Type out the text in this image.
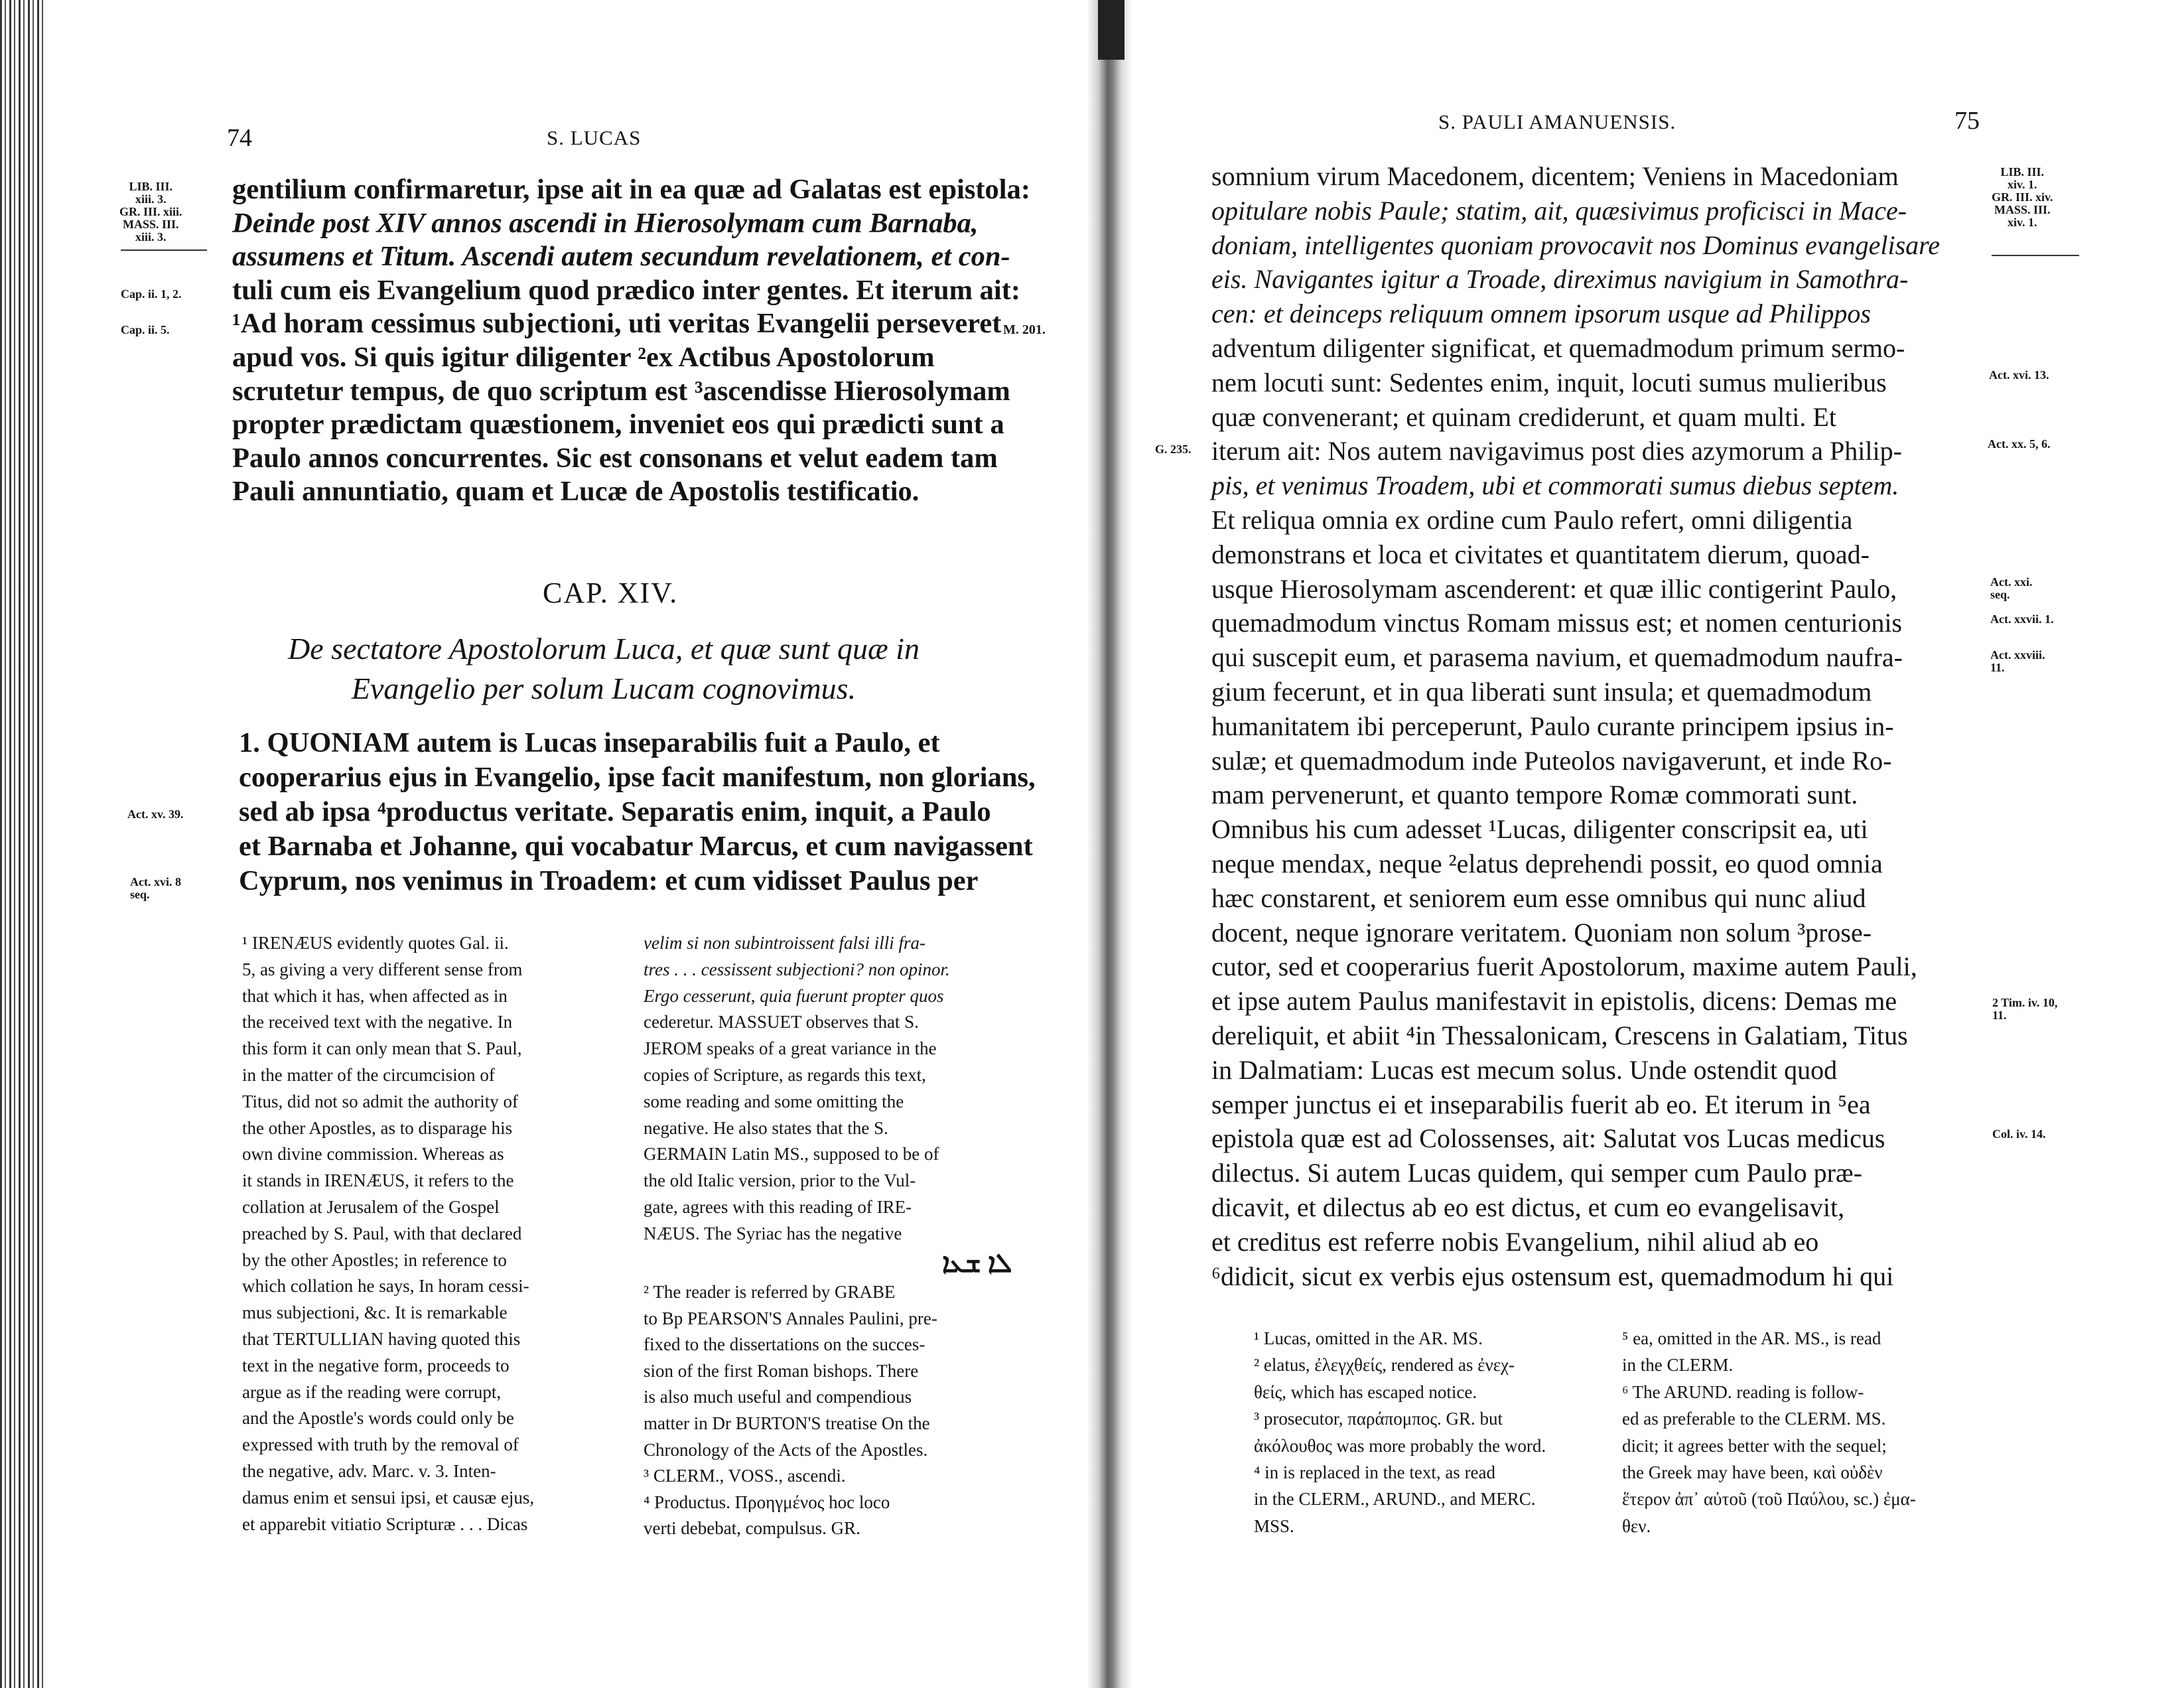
74	S. LUCAS
LIB. III.
xiii. 3.
GR. III. xiii.
MASS. III.
xiii. 3.
Cap. ii. 1, 2.
Cap. ii. 5.
Act. xv. 39.
Act. xvi. 8
seq.
M. 201.
gentilium confirmaretur, ipse ait in ea quæ ad Galatas est epistola:
Deinde post XIV annos ascendi in Hierosolymam cum Barnaba,
assumens et Titum. Ascendi autem secundum revelationem, et con-
tuli cum eis Evangelium quod prædico inter gentes. Et iterum ait:
¹Ad horam cessimus subjectioni, uti veritas Evangelii perseveret
apud vos. Si quis igitur diligenter ²ex Actibus Apostolorum
scrutetur tempus, de quo scriptum est ³ascendisse Hierosolymam
propter prædictam quæstionem, inveniet eos qui prædicti sunt a
Paulo annos concurrentes. Sic est consonans et velut eadem tam
Pauli annuntiatio, quam et Lucæ de Apostolis testificatio.
CAP. XIV.
De sectatore Apostolorum Luca, et quæ sunt quæ in
Evangelio per solum Lucam cognovimus.
1. QUONIAM autem is Lucas inseparabilis fuit a Paulo, et
cooperarius ejus in Evangelio, ipse facit manifestum, non glorians,
sed ab ipsa ⁴productus veritate. Separatis enim, inquit, a Paulo
et Barnaba et Johanne, qui vocabatur Marcus, et cum navigassent
Cyprum, nos venimus in Troadem: et cum vidisset Paulus per
¹ IRENÆUS evidently quotes Gal. ii.
5, as giving a very different sense from
that which it has, when affected as in
the received text with the negative. In
this form it can only mean that S. Paul,
in the matter of the circumcision of
Titus, did not so admit the authority of
the other Apostles, as to disparage his
own divine commission. Whereas as
it stands in IRENÆUS, it refers to the
collation at Jerusalem of the Gospel
preached by S. Paul, with that declared
by the other Apostles; in reference to
which collation he says, In horam cessi-
mus subjectioni, &c. It is remarkable
that TERTULLIAN having quoted this
text in the negative form, proceeds to
argue as if the reading were corrupt,
and the Apostle's words could only be
expressed with truth by the removal of
the negative, adv. Marc. v. 3. Inten-
damus enim et sensui ipsi, et causæ ejus,
et apparebit vitiatio Scripturæ . . . Dicas
velim si non subintroissent falsi illi fra-
tres . . . cessissent subjectioni? non opinor.
Ergo cesserunt, quia fuerunt propter quos
cederetur. MASSUET observes that S.
JEROM speaks of a great variance in the
copies of Scripture, as regards this text,
some reading and some omitting the
negative. He also states that the S.
GERMAIN Latin MS., supposed to be of
the old Italic version, prior to the Vul-
gate, agrees with this reading of IRE-
NÆUS. The Syriac has the negative
ܠܐ ܫܥܐ
² The reader is referred by GRABE
to Bp PEARSON'S Annales Paulini, pre-
fixed to the dissertations on the succes-
sion of the first Roman bishops. There
is also much useful and compendious
matter in Dr BURTON'S treatise On the
Chronology of the Acts of the Apostles.
³ CLERM., VOSS., ascendi.
⁴ Productus. Προηγμένος hoc loco
verti debebat, compulsus. GR.
S. PAULI AMANUENSIS.	75
G. 235.
LIB. III.
xiv. 1.
GR. III. xiv.
MASS. III.
xiv. 1.
Act. xvi. 13.
Act. xx. 5, 6.
Act. xxi.
seq.
Act. xxvii. 1.
Act. xxviii.
11.
2 Tim. iv. 10,
11.
Col. iv. 14.
somnium virum Macedonem, dicentem; Veniens in Macedoniam
opitulare nobis Paule; statim, ait, quæsivimus proficisci in Mace-
doniam, intelligentes quoniam provocavit nos Dominus evangelisare
eis. Navigantes igitur a Troade, direximus navigium in Samothra-
cen: et deinceps reliquum omnem ipsorum usque ad Philippos
adventum diligenter significat, et quemadmodum primum sermo-
nem locuti sunt: Sedentes enim, inquit, locuti sumus mulieribus
quæ convenerant; et quinam crediderunt, et quam multi. Et
iterum ait: Nos autem navigavimus post dies azymorum a Philip-
pis, et venimus Troadem, ubi et commorati sumus diebus septem.
Et reliqua omnia ex ordine cum Paulo refert, omni diligentia
demonstrans et loca et civitates et quantitatem dierum, quoad-
usque Hierosolymam ascenderent: et quæ illic contigerint Paulo,
quemadmodum vinctus Romam missus est; et nomen centurionis
qui suscepit eum, et parasema navium, et quemadmodum naufra-
gium fecerunt, et in qua liberati sunt insula; et quemadmodum
humanitatem ibi perceperunt, Paulo curante principem ipsius in-
sulæ; et quemadmodum inde Puteolos navigaverunt, et inde Ro-
mam pervenerunt, et quanto tempore Romæ commorati sunt.
Omnibus his cum adesset ¹Lucas, diligenter conscripsit ea, uti
neque mendax, neque ²elatus deprehendi possit, eo quod omnia
hæc constarent, et seniorem eum esse omnibus qui nunc aliud
docent, neque ignorare veritatem. Quoniam non solum ³prose-
cutor, sed et cooperarius fuerit Apostolorum, maxime autem Pauli,
et ipse autem Paulus manifestavit in epistolis, dicens: Demas me
dereliquit, et abiit ⁴in Thessalonicam, Crescens in Galatiam, Titus
in Dalmatiam: Lucas est mecum solus. Unde ostendit quod
semper junctus ei et inseparabilis fuerit ab eo. Et iterum in ⁵ea
epistola quæ est ad Colossenses, ait: Salutat vos Lucas medicus
dilectus. Si autem Lucas quidem, qui semper cum Paulo præ-
dicavit, et dilectus ab eo est dictus, et cum eo evangelisavit,
et creditus est referre nobis Evangelium, nihil aliud ab eo
⁶didicit, sicut ex verbis ejus ostensum est, quemadmodum hi qui
¹ Lucas, omitted in the AR. MS.
² elatus, ἐλεγχθείς, rendered as ἐνεχ-
θείς, which has escaped notice.
³ prosecutor, παράπομπος. GR. but
ἀκόλουθος was more probably the word.
⁴ in is replaced in the text, as read
in the CLERM., ARUND., and MERC.
MSS.
⁵ ea, omitted in the AR. MS., is read
in the CLERM.
⁶ The ARUND. reading is follow-
ed as preferable to the CLERM. MS.
dicit; it agrees better with the sequel;
the Greek may have been, καὶ οὐδὲν
ἕτερον ἀπ᾽ αὐτοῦ (τοῦ Παύλου, sc.) ἐμα-
θεν.
